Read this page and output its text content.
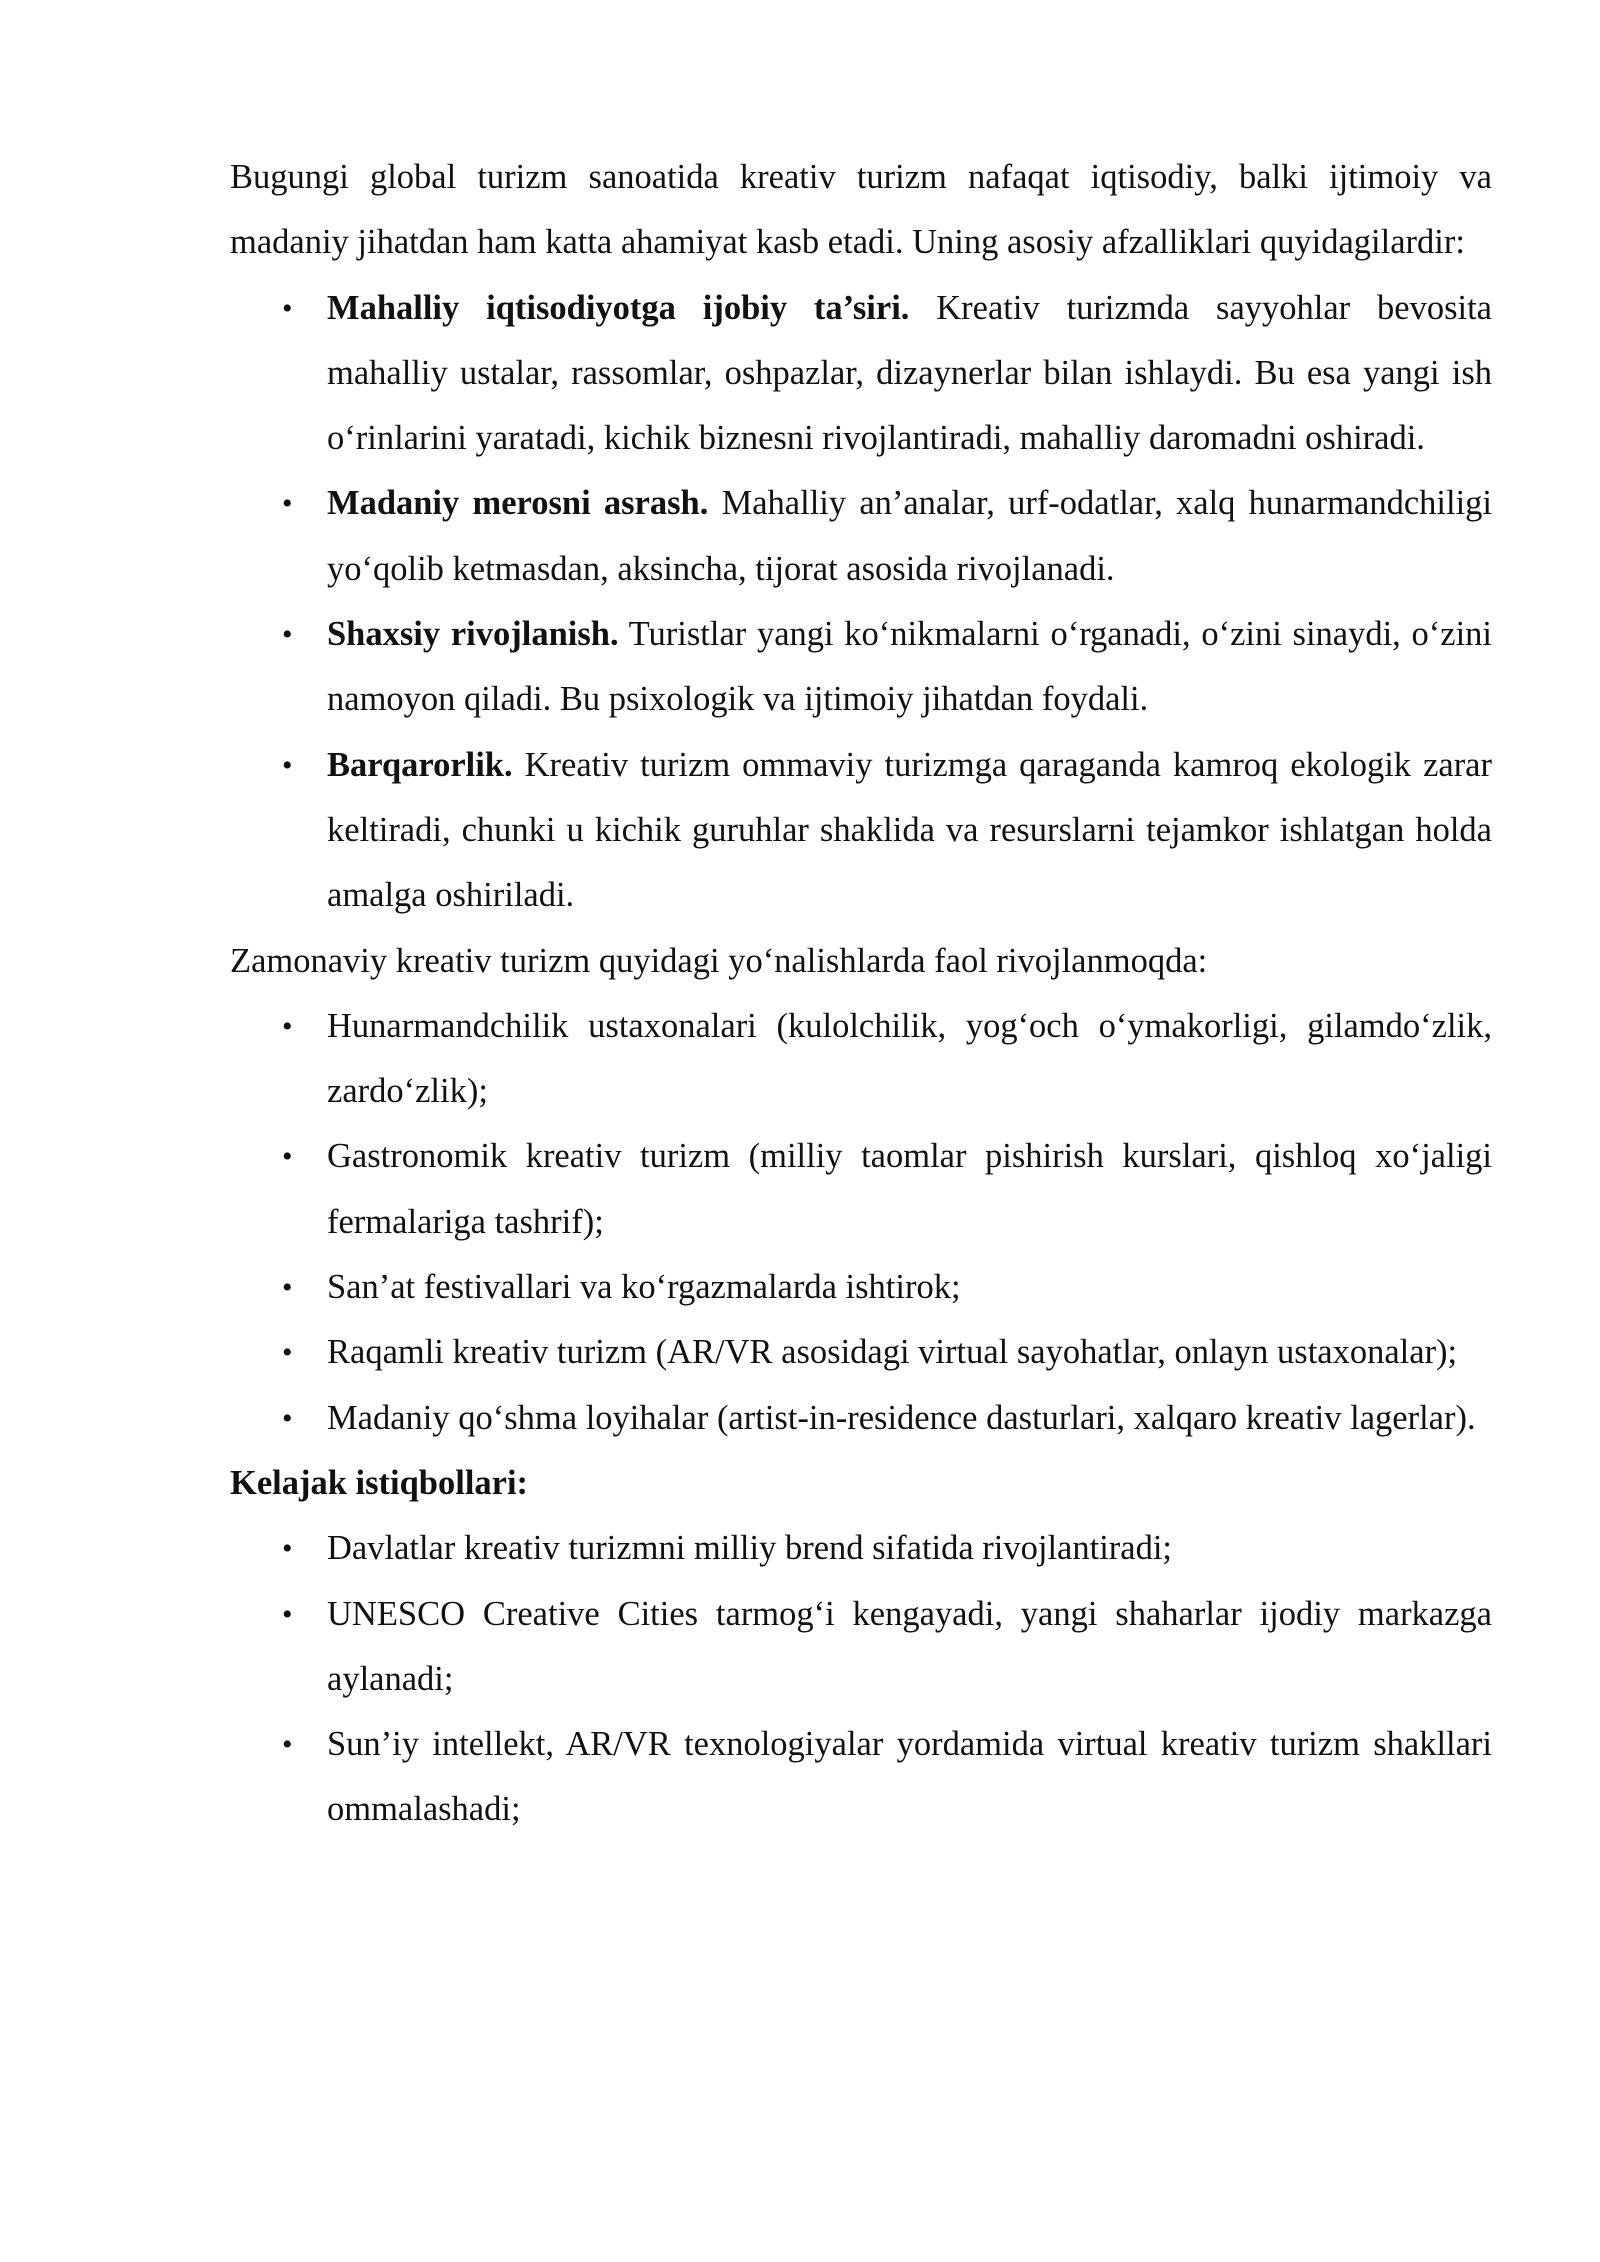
Bugungi global turizm sanoatida kreativ turizm nafaqat iqtisodiy, balki ijtimoiy va madaniy jihatdan ham katta ahamiyat kasb etadi. Uning asosiy afzalliklari quyidagilardir:

• Mahalliy iqtisodiyotga ijobiy ta’siri. Kreativ turizmda sayyohlar bevosita mahalliy ustalar, rassomlar, oshpazlar, dizaynerlar bilan ishlaydi. Bu esa yangi ish o‘rinlarini yaratadi, kichik biznesni rivojlantiradi, mahalliy daromadni oshiradi.
• Madaniy merosni asrash. Mahalliy an’analar, urf-odatlar, xalq hunarmandchiligi yo‘qolib ketmasdan, aksincha, tijorat asosida rivojlanadi.
• Shaxsiy rivojlanish. Turistlar yangi ko‘nikmalarni o‘rganadi, o‘zini sinaydi, o‘zini namoyon qiladi. Bu psixologik va ijtimoiy jihatdan foydali.
• Barqarorlik. Kreativ turizm ommaviy turizmga qaraganda kamroq ekologik zarar keltiradi, chunki u kichik guruhlar shaklida va resurslarni tejamkor ishlatgan holda amalga oshiriladi.

Zamonaviy kreativ turizm quyidagi yo‘nalishlarda faol rivojlanmoqda:

• Hunarmandchilik ustaxonalari (kulolchilik, yog‘och o‘ymakorligi, gilamdo‘zlik, zardo‘zlik);
• Gastronomik kreativ turizm (milliy taomlar pishirish kurslari, qishloq xo‘jaligi fermalariga tashrif);
• San’at festivallari va ko‘rgazmalarda ishtirok;
• Raqamli kreativ turizm (AR/VR asosidagi virtual sayohatlar, onlayn ustaxonalar);
• Madaniy qo‘shma loyihalar (artist-in-residence dasturlari, xalqaro kreativ lagerlar).

Kelajak istiqbollari:

• Davlatlar kreativ turizmni milliy brend sifatida rivojlantiradi;
• UNESCO Creative Cities tarmog‘i kengayadi, yangi shaharlar ijodiy markazga aylanadi;
• Sun’iy intellekt, AR/VR texnologiyalar yordamida virtual kreativ turizm shakllari ommalashadi;
